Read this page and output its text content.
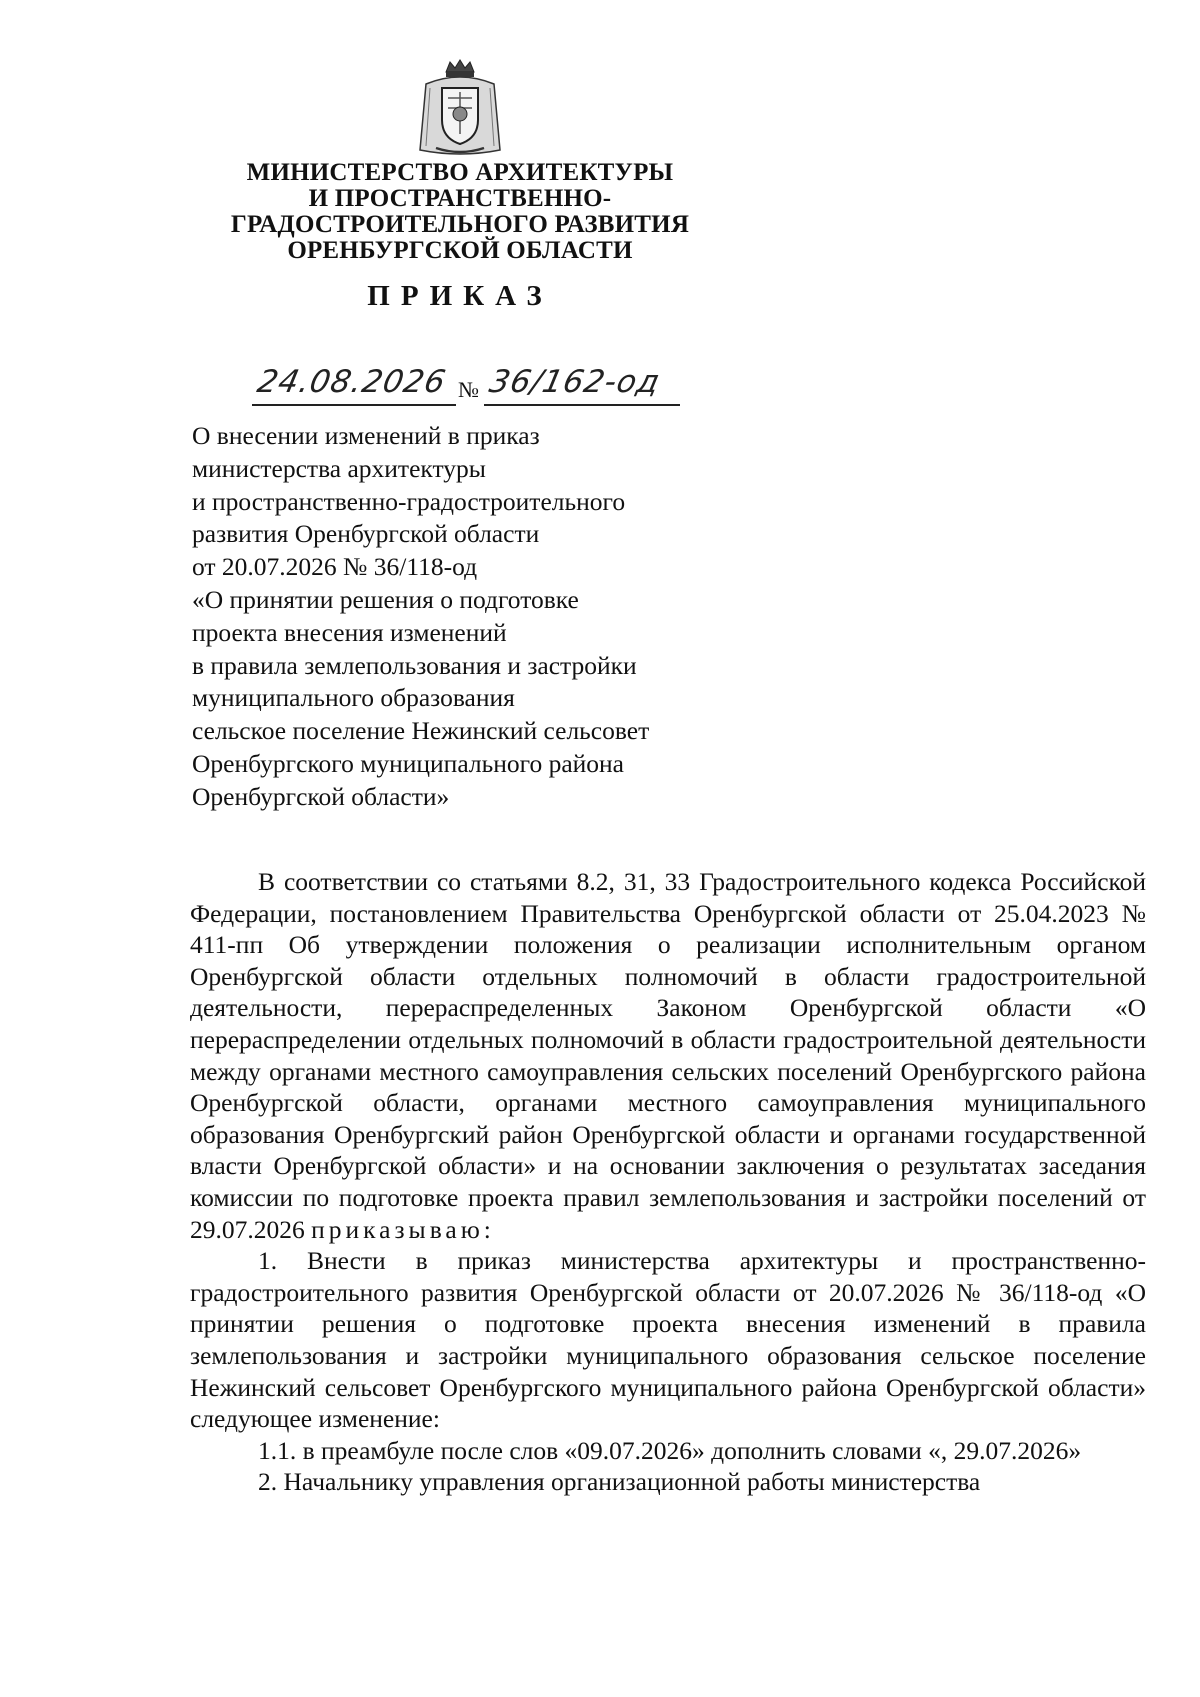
МИНИСТЕРСТВО АРХИТЕКТУРЫ
И ПРОСТРАНСТВЕННО-
ГРАДОСТРОИТЕЛЬНОГО РАЗВИТИЯ
ОРЕНБУРГСКОЙ ОБЛАСТИ
ПРИКАЗ
24.08.2026 № 36/162-од
О внесении изменений в приказ
министерства архитектуры
и пространственно-градостроительного
развития Оренбургской области
от 20.07.2026 № 36/118-од
«О принятии решения о подготовке
проекта внесения изменений
в правила землепользования и застройки
муниципального образования
сельское поселение Нежинский сельсовет
Оренбургского муниципального района
Оренбургской области»

В соответствии со статьями 8.2, 31, 33 Градостроительного кодекса Российской Федерации, постановлением Правительства Оренбургской области от 25.04.2023 № 411-пп Об утверждении положения о реализации исполнительным органом Оренбургской области отдельных полномочий в области градостроительной деятельности, перераспределенных Законом Оренбургской области «О перераспределении отдельных полномочий в области градостроительной деятельности между органами местного самоуправления сельских поселений Оренбургского района Оренбургской области, органами местного самоуправления муниципального образования Оренбургский район Оренбургской области и органами государственной власти Оренбургской области» и на основании заключения о результатах заседания комиссии по подготовке проекта правил землепользования и застройки поселений от 29.07.2026 приказываю:

1. Внести в приказ министерства архитектуры и пространственно-градостроительного развития Оренбургской области от 20.07.2026 № 36/118-од «О принятии решения о подготовке проекта внесения изменений в правила землепользования и застройки муниципального образования сельское поселение Нежинский сельсовет Оренбургского муниципального района Оренбургской области» следующее изменение:

1.1. в преамбуле после слов «09.07.2026» дополнить словами «, 29.07.2026»

2. Начальнику управления организационной работы министерства
